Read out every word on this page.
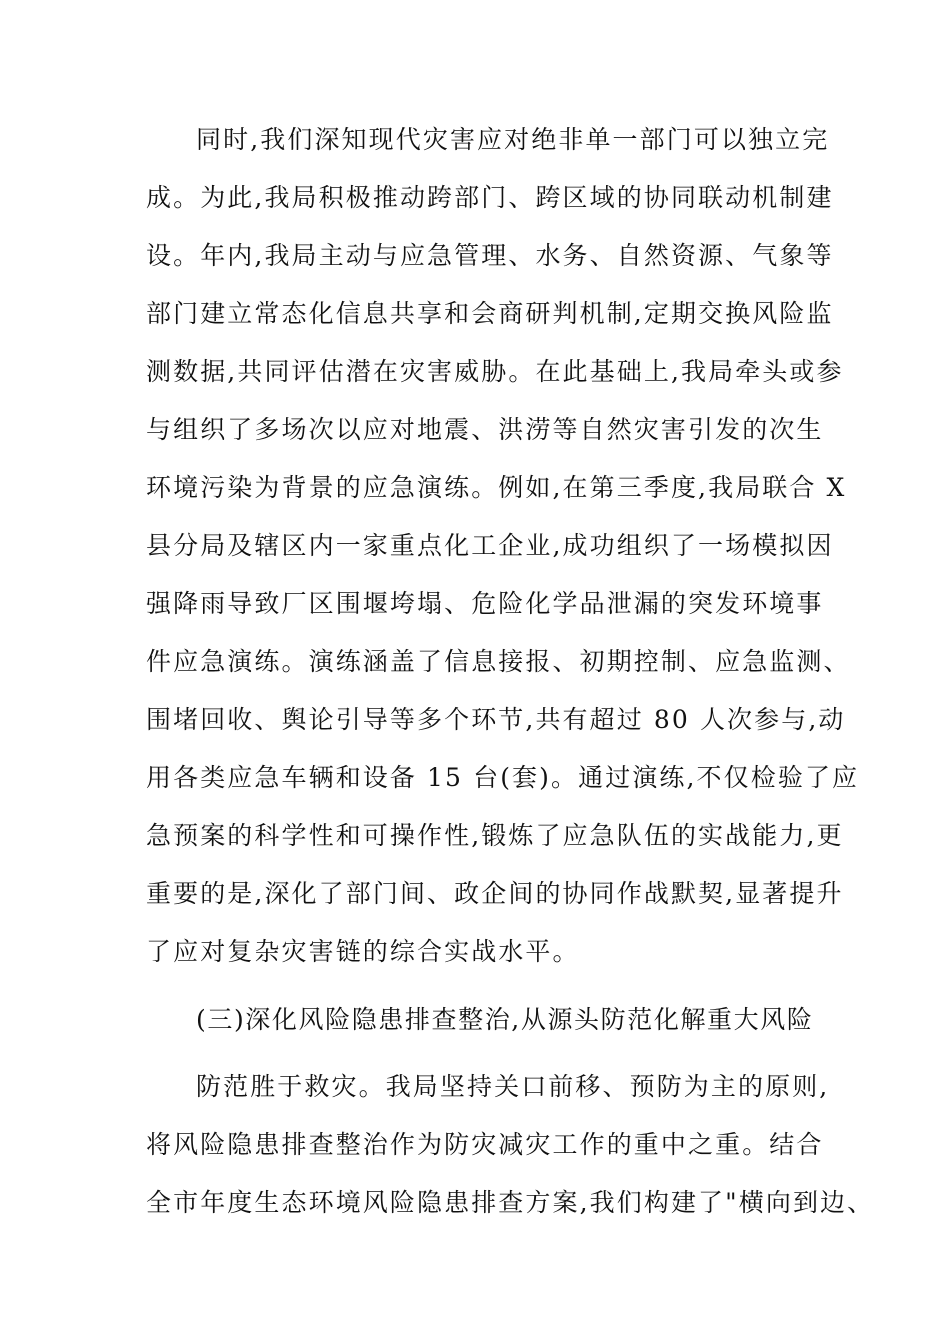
同时,我们深知现代灾害应对绝非单一部门可以独立完
成。为此,我局积极推动跨部门、跨区域的协同联动机制建
设。年内,我局主动与应急管理、水务、自然资源、气象等
部门建立常态化信息共享和会商研判机制,定期交换风险监
测数据,共同评估潜在灾害威胁。在此基础上,我局牵头或参
与组织了多场次以应对地震、洪涝等自然灾害引发的次生
环境污染为背景的应急演练。例如,在第三季度,我局联合 X
县分局及辖区内一家重点化工企业,成功组织了一场模拟因
强降雨导致厂区围堰垮塌、危险化学品泄漏的突发环境事
件应急演练。演练涵盖了信息接报、初期控制、应急监测、
围堵回收、舆论引导等多个环节,共有超过 80 人次参与,动
用各类应急车辆和设备 15 台(套)。通过演练,不仅检验了应
急预案的科学性和可操作性,锻炼了应急队伍的实战能力,更
重要的是,深化了部门间、政企间的协同作战默契,显著提升
了应对复杂灾害链的综合实战水平。
(三)深化风险隐患排查整治,从源头防范化解重大风险
防范胜于救灾。我局坚持关口前移、预防为主的原则,
将风险隐患排查整治作为防灾减灾工作的重中之重。结合
全市年度生态环境风险隐患排查方案,我们构建了"横向到边、
